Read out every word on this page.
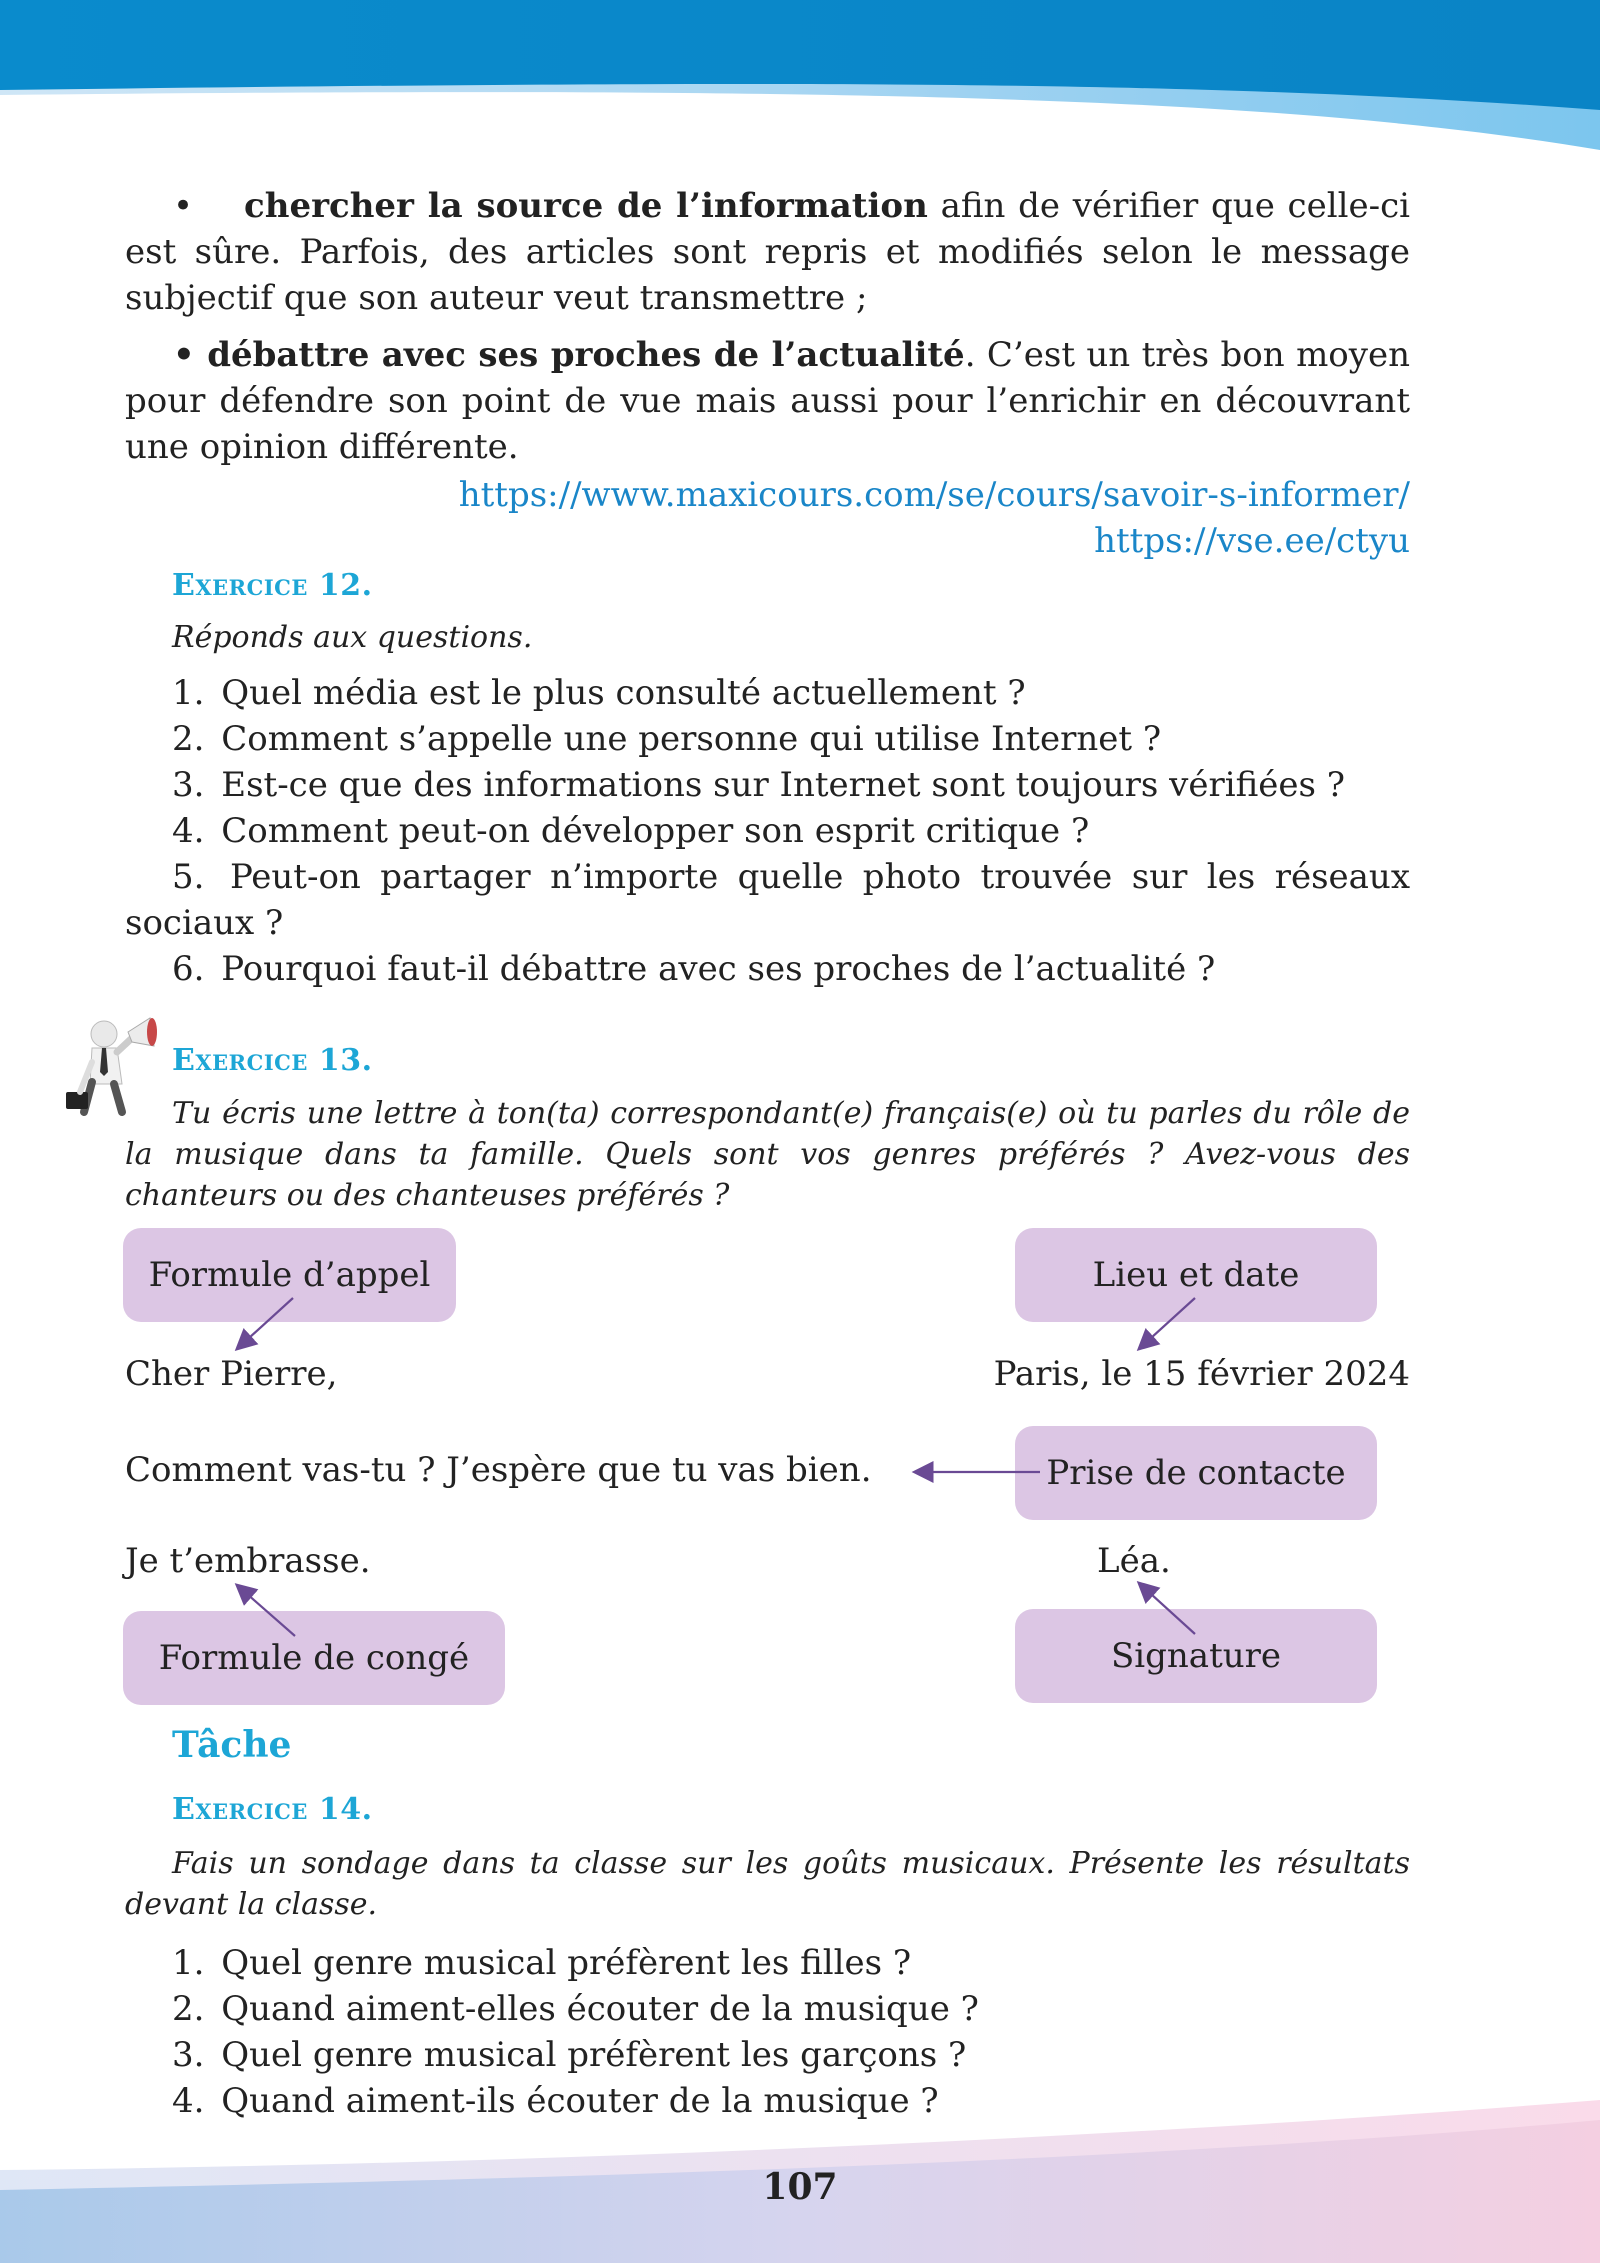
•    chercher la source de l’information afin de vérifier que celle-ci est sûre. Parfois, des articles sont repris et modifiés selon le message subjectif que son auteur veut transmettre ;

• débattre avec ses proches de l’actualité. C’est un très bon moyen pour défendre son point de vue mais aussi pour l’enrichir en découvrant une opinion différente.

https://www.maxicours.com/se/cours/savoir-s-informer/
https://vse.ee/ctyu
Exercice 12.

Réponds aux questions.

1. Quel média est le plus consulté actuellement ?
2. Comment s’appelle une personne qui utilise Internet ?
3. Est-ce que des informations sur Internet sont toujours vérifiées ?
4. Comment peut-on développer son esprit critique ?
5. Peut-on partager n’importe quelle photo trouvée sur les réseaux sociaux ?
6. Pourquoi faut-il débattre avec ses proches de l’actualité ?
Exercice 13.

Tu écris une lettre à ton(ta) correspondant(e) français(e) où tu parles du rôle de la musique dans ta famille. Quels sont vos genres préférés ? Avez-vous des chanteurs ou des chanteuses préférés ?

Formule d’appel	Lieu et date
Prise de contacte
Formule de congé	Signature
Cher Pierre,	Paris, le 15 février 2024
Comment vas-tu ? J’espère que tu vas bien.
Je t’embrasse.	Léa.
Tâche
Exercice 14.

Fais un sondage dans ta classe sur les goûts musicaux. Présente les résultats devant la classe.

1. Quel genre musical préfèrent les filles ?
2. Quand aiment-elles écouter de la musique ?
3. Quel genre musical préfèrent les garçons ?
4. Quand aiment-ils écouter de la musique ?
107
